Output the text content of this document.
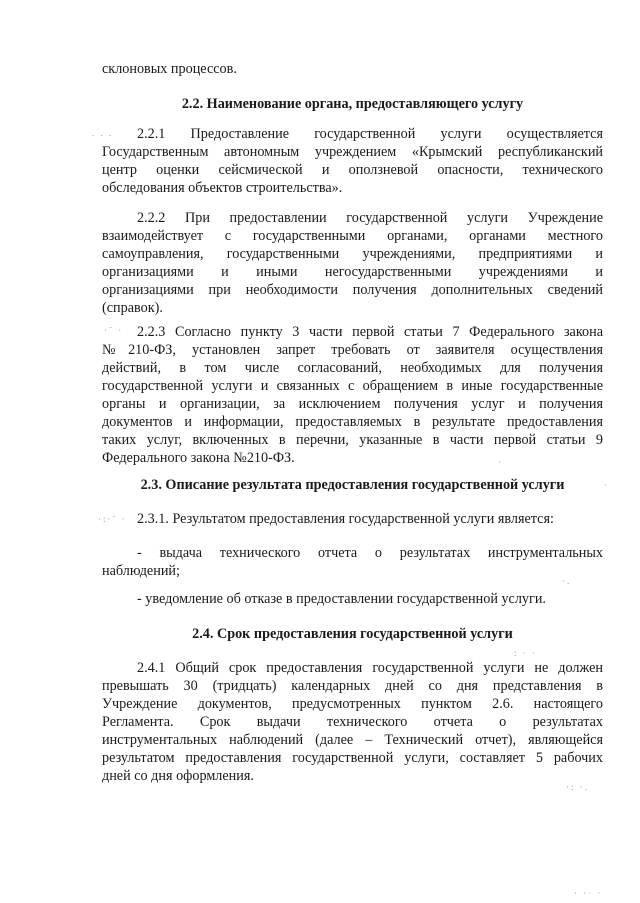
склоновых процессов.
2.2. Наименование органа, предоставляющего услугу
. . . 2.2.1 Предоставление государственной услуги осуществляется
Государственным автономным учреждением «Крымский республиканский
центр оценки сейсмической и оползневой опасности, технического
обследования объектов строительства».
2.2.2 При предоставлении государственной услуги Учреждение
взаимодействует с государственными органами, органами местного
самоуправления, государственными учреждениями, предприятиями и
организациями и иными негосударственными учреждениями и
организациями при необходимости получения дополнительных сведений
(справок).
·¨ · 2.2.3 Согласно пункту 3 части первой статьи 7 Федерального закона
№210-ФЗ, установлен запрет требовать от заявителя осуществления
действий, в том числе согласований, необходимых для получения
государственной услуги и связанных с обращением в иные государственные
органы и организации, за исключением получения услуг и получения
документов и информации, предоставляемых в результате предоставления
таких услуг, включенных в перечни, указанные в части первой статьи 9
Федерального закона №210-ФЗ.	·
2.3. Описание результата предоставления государственной услуги	·
·:·¨ · 2.3.1. Результатом предоставления государственной услуги является:
- выдача технического отчета о результатах инструментальных
наблюдений;
·.
- уведомление об отказе в предоставлении государственной услуги.
2.4. Срок предоставления государственной услуги
: · ·
2.4.1 Общий срок предоставления государственной услуги не должен
превышать 30 (тридцать) календарных дней со дня представления в
Учреждение документов, предусмотренных пунктом 2.6. настоящего
Регламента. Срок выдачи технического отчета о результатах
инструментальных наблюдений (далее – Технический отчет), являющейся
результатом предоставления государственной услуги, составляет 5 рабочих
дней со дня оформления.
·: ·.
· ·· ·
